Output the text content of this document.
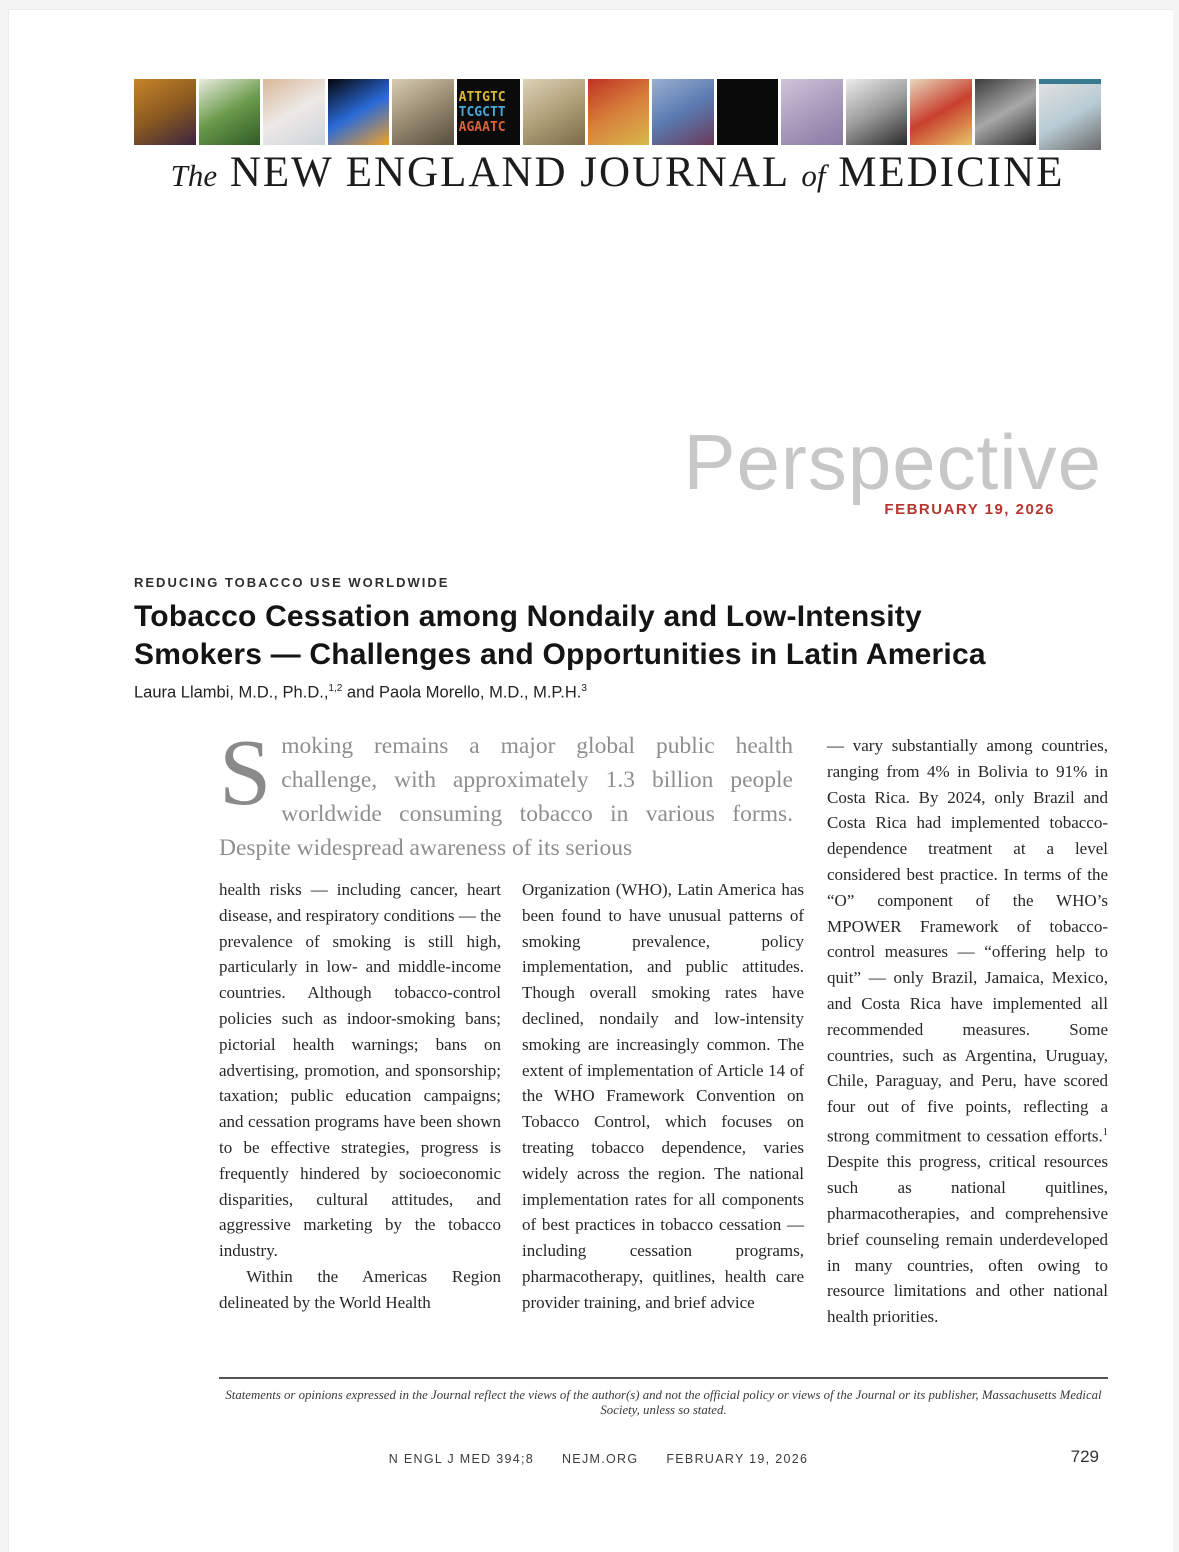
ATTGTC
TCGCTT
AGAATC
The NEW ENGLAND JOURNAL of MEDICINE
Perspective
FEBRUARY 19, 2026
REDUCING TOBACCO USE WORLDWIDE
Tobacco Cessation among Nondaily and Low-Intensity Smokers — Challenges and Opportunities in Latin America
Laura Llambi, M.D., Ph.D.,$^{1,2}$ and Paola Morello, M.D., M.P.H.$^3$
Smoking remains a major global public health challenge, with approximately 1.3 billion people worldwide consuming tobacco in various forms. Despite widespread awareness of its serious

health risks — including cancer, heart disease, and respiratory conditions — the prevalence of smoking is still high, particularly in low- and middle-income countries. Although tobacco-control policies such as indoor-smoking bans; pictorial health warnings; bans on advertising, promotion, and sponsorship; taxation; public education campaigns; and cessation programs have been shown to be effective strategies, progress is frequently hindered by socioeconomic disparities, cultural attitudes, and aggressive marketing by the tobacco industry.

Within the Americas Region delineated by the World Health

Organization (WHO), Latin America has been found to have unusual patterns of smoking prevalence, policy implementation, and public attitudes. Though overall smoking rates have declined, nondaily and low-intensity smoking are increasingly common. The extent of implementation of Article 14 of the WHO Framework Convention on Tobacco Control, which focuses on treating tobacco dependence, varies widely across the region. The national implementation rates for all components of best practices in tobacco cessation — including cessation programs, pharmacotherapy, quitlines, health care provider training, and brief advice

— vary substantially among countries, ranging from 4% in Bolivia to 91% in Costa Rica. By 2024, only Brazil and Costa Rica had implemented tobacco-dependence treatment at a level considered best practice. In terms of the “O” component of the WHO’s MPOWER Framework of tobacco-control measures — “offering help to quit” — only Brazil, Jamaica, Mexico, and Costa Rica have implemented all recommended measures. Some countries, such as Argentina, Uruguay, Chile, Paraguay, and Peru, have scored four out of five points, reflecting a strong commitment to cessation efforts.$^1$ Despite this progress, critical resources such as national quitlines, pharmacotherapies, and comprehensive brief counseling remain underdeveloped in many countries, often owing to resource limitations and other national health priorities.

Statements or opinions expressed in the Journal reflect the views of the author(s) and not the official policy or views of the Journal or its publisher, Massachusetts Medical Society, unless so stated.
N ENGL J MED 394;8 NEJM.ORG FEBRUARY 19, 2026	729
